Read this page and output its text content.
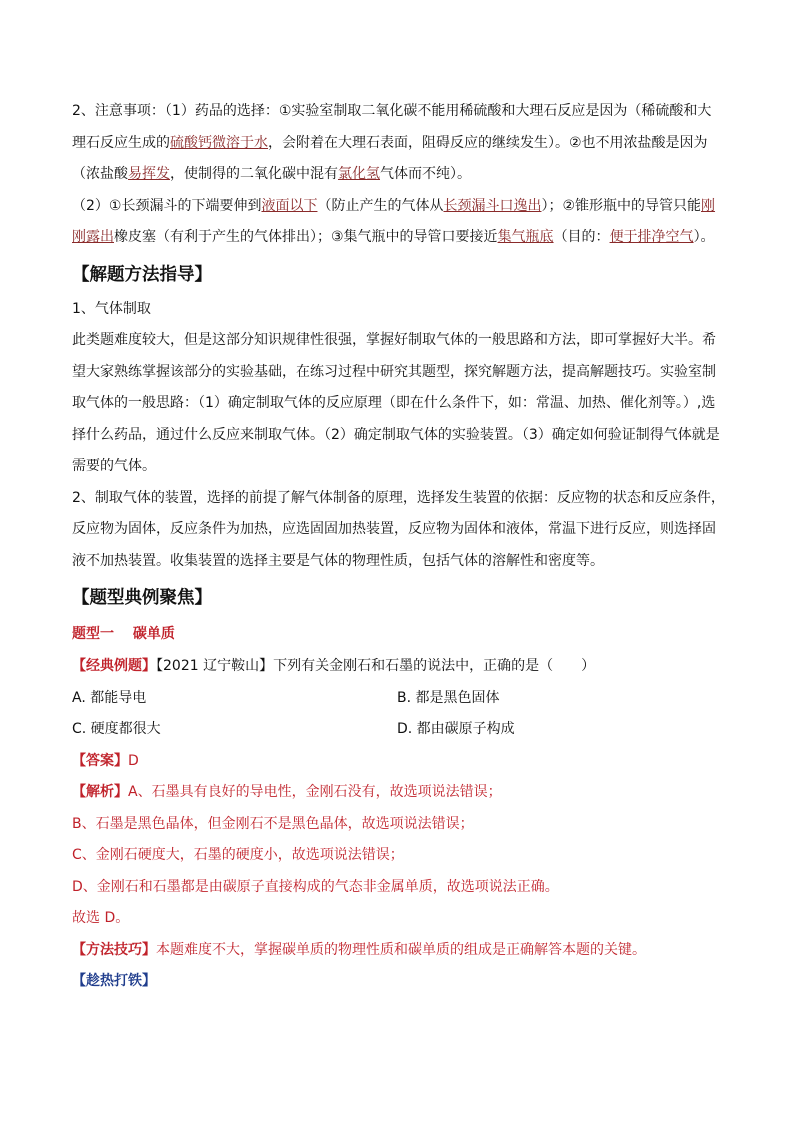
2、注意事项：（1）药品的选择：①实验室制取二氧化碳不能用稀硫酸和大理石反应是因为（稀硫酸和大
理石反应生成的硫酸钙微溶于水，会附着在大理石表面，阻碍反应的继续发生）。②也不用浓盐酸是因为
（浓盐酸易挥发，使制得的二氧化碳中混有氯化氢气体而不纯）。
（2）①长颈漏斗的下端要伸到液面以下（防止产生的气体从长颈漏斗口逸出）；②锥形瓶中的导管只能刚
刚露出橡皮塞（有利于产生的气体排出）；③集气瓶中的导管口要接近集气瓶底（目的：便于排净空气）。
【解题方法指导】
1、气体制取
此类题难度较大，但是这部分知识规律性很强，掌握好制取气体的一般思路和方法，即可掌握好大半。希
望大家熟练掌握该部分的实验基础，在练习过程中研究其题型，探究解题方法，提高解题技巧。实验室制
取气体的一般思路：（1）确定制取气体的反应原理（即在什么条件下，如：常温、加热、催化剂等。）,选
择什么药品，通过什么反应来制取气体。（2）确定制取气体的实验装置。（3）确定如何验证制得气体就是
需要的气体。
2、制取气体的装置，选择的前提了解气体制备的原理，选择发生装置的依据：反应物的状态和反应条件，
反应物为固体，反应条件为加热，应选固固加热装置，反应物为固体和液体，常温下进行反应，则选择固
液不加热装置。收集装置的选择主要是气体的物理性质，包括气体的溶解性和密度等。
【题型典例聚焦】
题型一　 碳单质
【经典例题】【2021 辽宁鞍山】下列有关金刚石和石墨的说法中，正确的是（　　）
A. 都能导电	B. 都是黑色固体
C. 硬度都很大	D. 都由碳原子构成
【答案】D
【解析】A、石墨具有良好的导电性，金刚石没有，故选项说法错误；
B、石墨是黑色晶体，但金刚石不是黑色晶体，故选项说法错误；
C、金刚石硬度大，石墨的硬度小，故选项说法错误；
D、金刚石和石墨都是由碳原子直接构成的气态非金属单质，故选项说法正确。
故选 D。
【方法技巧】本题难度不大，掌握碳单质的物理性质和碳单质的组成是正确解答本题的关键。
【趁热打铁】
